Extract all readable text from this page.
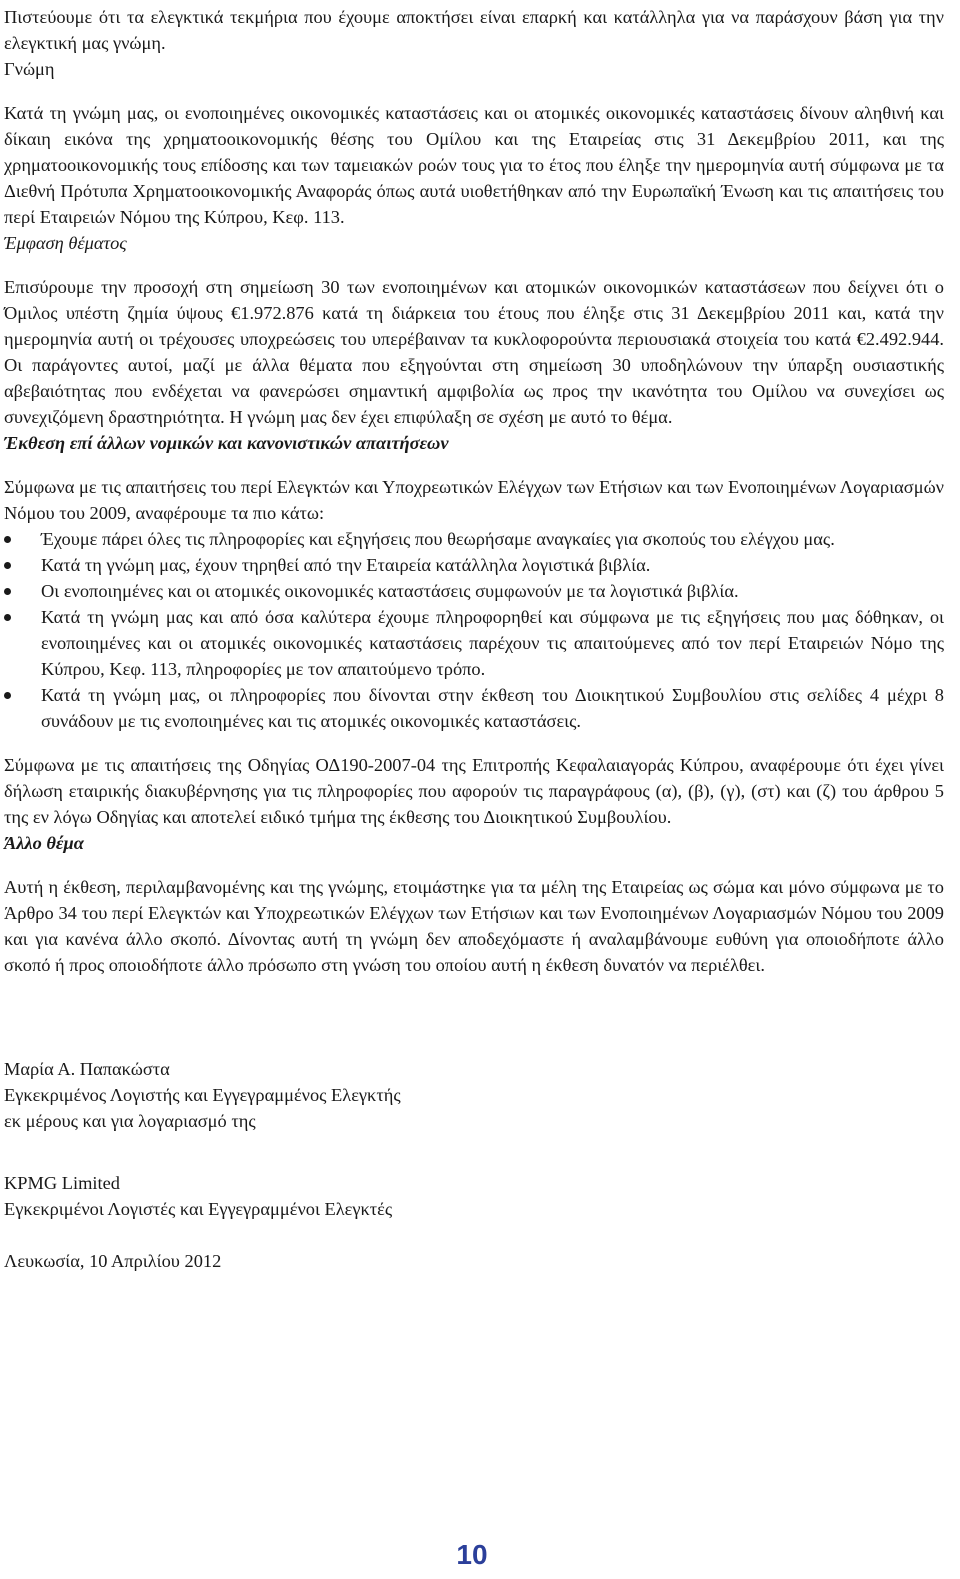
Πιστεύουμε ότι τα ελεγκτικά τεκμήρια που έχουμε αποκτήσει είναι επαρκή και κατάλληλα για να παράσχουν βάση για την ελεγκτική μας γνώμη.

Γνώμη

Κατά τη γνώμη μας, οι ενοποιημένες οικονομικές καταστάσεις και οι ατομικές οικονομικές καταστάσεις δίνουν αληθινή και δίκαιη εικόνα της χρηματοοικονομικής θέσης του Ομίλου και της Εταιρείας στις 31 Δεκεμβρίου 2011, και της χρηματοοικονομικής τους επίδοσης και των ταμειακών ροών τους για το έτος που έληξε την ημερομηνία αυτή σύμφωνα με τα Διεθνή Πρότυπα Χρηματοοικονομικής Αναφοράς όπως αυτά υιοθετήθηκαν από την Ευρωπαϊκή Ένωση και τις απαιτήσεις του περί Εταιρειών Νόμου της Κύπρου, Κεφ. 113.

Έμφαση θέματος

Επισύρουμε την προσοχή στη σημείωση 30 των ενοποιημένων και ατομικών οικονομικών καταστάσεων που δείχνει ότι ο Όμιλος υπέστη ζημία ύψους €1.972.876 κατά τη διάρκεια του έτους που έληξε στις 31 Δεκεμβρίου 2011 και, κατά την ημερομηνία αυτή οι τρέχουσες υποχρεώσεις του υπερέβαιναν τα κυκλοφορούντα περιουσιακά στοιχεία του κατά €2.492.944. Οι παράγοντες αυτοί, μαζί με άλλα θέματα που εξηγούνται στη σημείωση 30 υποδηλώνουν την ύπαρξη ουσιαστικής αβεβαιότητας που ενδέχεται να φανερώσει σημαντική αμφιβολία ως προς την ικανότητα του Ομίλου να συνεχίσει ως συνεχιζόμενη δραστηριότητα. Η γνώμη μας δεν έχει επιφύλαξη σε σχέση με αυτό το θέμα.

Έκθεση επί άλλων νομικών και κανονιστικών απαιτήσεων

Σύμφωνα με τις απαιτήσεις του περί Ελεγκτών και Υποχρεωτικών Ελέγχων των Ετήσιων και των Ενοποιημένων Λογαριασμών Νόμου του 2009, αναφέρουμε τα πιο κάτω:

Έχουμε πάρει όλες τις πληροφορίες και εξηγήσεις που θεωρήσαμε αναγκαίες για σκοπούς του ελέγχου μας.
Κατά τη γνώμη μας, έχουν τηρηθεί από την Εταιρεία κατάλληλα λογιστικά βιβλία.
Οι ενοποιημένες και οι ατομικές οικονομικές καταστάσεις συμφωνούν με τα λογιστικά βιβλία.
Κατά τη γνώμη μας και από όσα καλύτερα έχουμε πληροφορηθεί και σύμφωνα με τις εξηγήσεις που μας δόθηκαν, οι ενοποιημένες και οι ατομικές οικονομικές καταστάσεις παρέχουν τις απαιτούμενες από τον περί Εταιρειών Νόμο της Κύπρου, Κεφ. 113, πληροφορίες με τον απαιτούμενο τρόπο.
Κατά τη γνώμη μας, οι πληροφορίες που δίνονται στην έκθεση του Διοικητικού Συμβουλίου στις σελίδες 4 μέχρι 8 συνάδουν με τις ενοποιημένες και τις ατομικές οικονομικές καταστάσεις.

Σύμφωνα με τις απαιτήσεις της Οδηγίας ΟΔ190-2007-04 της Επιτροπής Κεφαλαιαγοράς Κύπρου, αναφέρουμε ότι έχει γίνει δήλωση εταιρικής διακυβέρνησης για τις πληροφορίες που αφορούν τις παραγράφους (α), (β), (γ), (στ) και (ζ) του άρθρου 5 της εν λόγω Οδηγίας και αποτελεί ειδικό τμήμα της έκθεσης του Διοικητικού Συμβουλίου.

Άλλο θέμα

Αυτή η έκθεση, περιλαμβανομένης και της γνώμης, ετοιμάστηκε για τα μέλη της Εταιρείας ως σώμα και μόνο σύμφωνα με το Άρθρο 34 του περί Ελεγκτών και Υποχρεωτικών Ελέγχων των Ετήσιων και των Ενοποιημένων Λογαριασμών Νόμου του 2009 και για κανένα άλλο σκοπό. Δίνοντας αυτή τη γνώμη δεν αποδεχόμαστε ή αναλαμβάνουμε ευθύνη για οποιοδήποτε άλλο σκοπό ή προς οποιοδήποτε άλλο πρόσωπο στη γνώση του οποίου αυτή η έκθεση δυνατόν να περιέλθει.

Μαρία Α. Παπακώστα

Εγκεκριμένος Λογιστής και Εγγεγραμμένος Ελεγκτής

εκ μέρους και για λογαριασμό της

KPMG Limited

Εγκεκριμένοι Λογιστές και Εγγεγραμμένοι Ελεγκτές

Λευκωσία, 10 Απριλίου 2012

10
